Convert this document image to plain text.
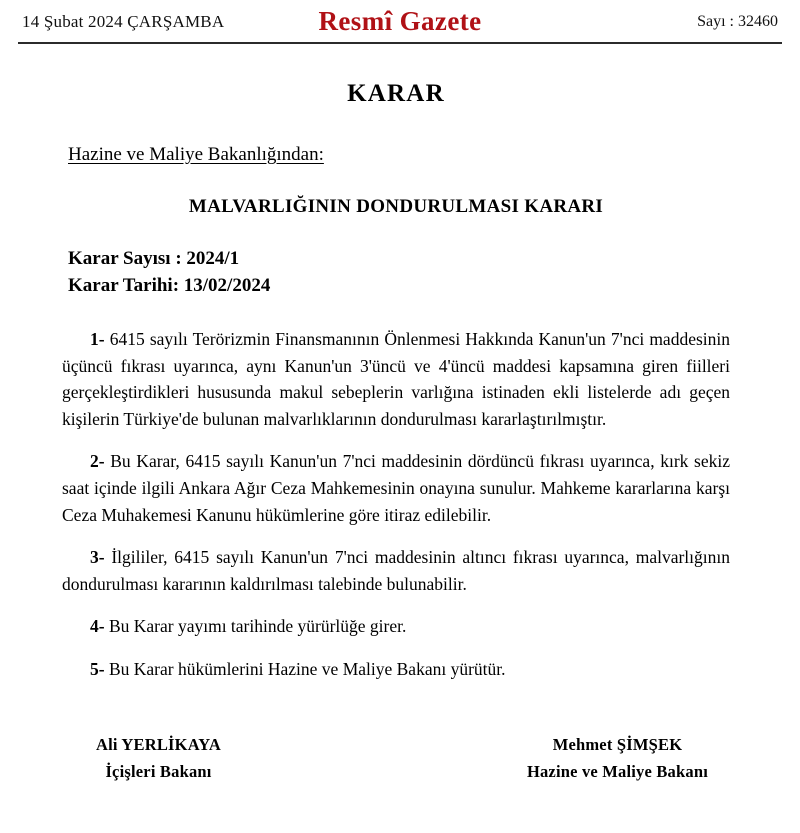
14 Şubat 2024 ÇARŞAMBA	Resmî Gazete	Sayı : 32460
KARAR
Hazine ve Maliye Bakanlığından:
MALVARLIĞININ DONDURULMASI KARARI
Karar Sayısı : 2024/1
Karar Tarihi: 13/02/2024

1- 6415 sayılı Terörizmin Finansmanının Önlenmesi Hakkında Kanun'un 7'nci maddesinin üçüncü fıkrası uyarınca, aynı Kanun'un 3'üncü ve 4'üncü maddesi kapsamına giren fiilleri gerçekleştirdikleri hususunda makul sebeplerin varlığına istinaden ekli listelerde adı geçen kişilerin Türkiye'de bulunan malvarlıklarının dondurulması kararlaştırılmıştır.

2- Bu Karar, 6415 sayılı Kanun'un 7'nci maddesinin dördüncü fıkrası uyarınca, kırk sekiz saat içinde ilgili Ankara Ağır Ceza Mahkemesinin onayına sunulur. Mahkeme kararlarına karşı Ceza Muhakemesi Kanunu hükümlerine göre itiraz edilebilir.

3- İlgililer, 6415 sayılı Kanun'un 7'nci maddesinin altıncı fıkrası uyarınca, malvarlığının dondurulması kararının kaldırılması talebinde bulunabilir.

4- Bu Karar yayımı tarihinde yürürlüğe girer.

5- Bu Karar hükümlerini Hazine ve Maliye Bakanı yürütür.

Ali YERLİKAYA
İçişleri Bakanı
Mehmet ŞİMŞEK
Hazine ve Maliye Bakanı
